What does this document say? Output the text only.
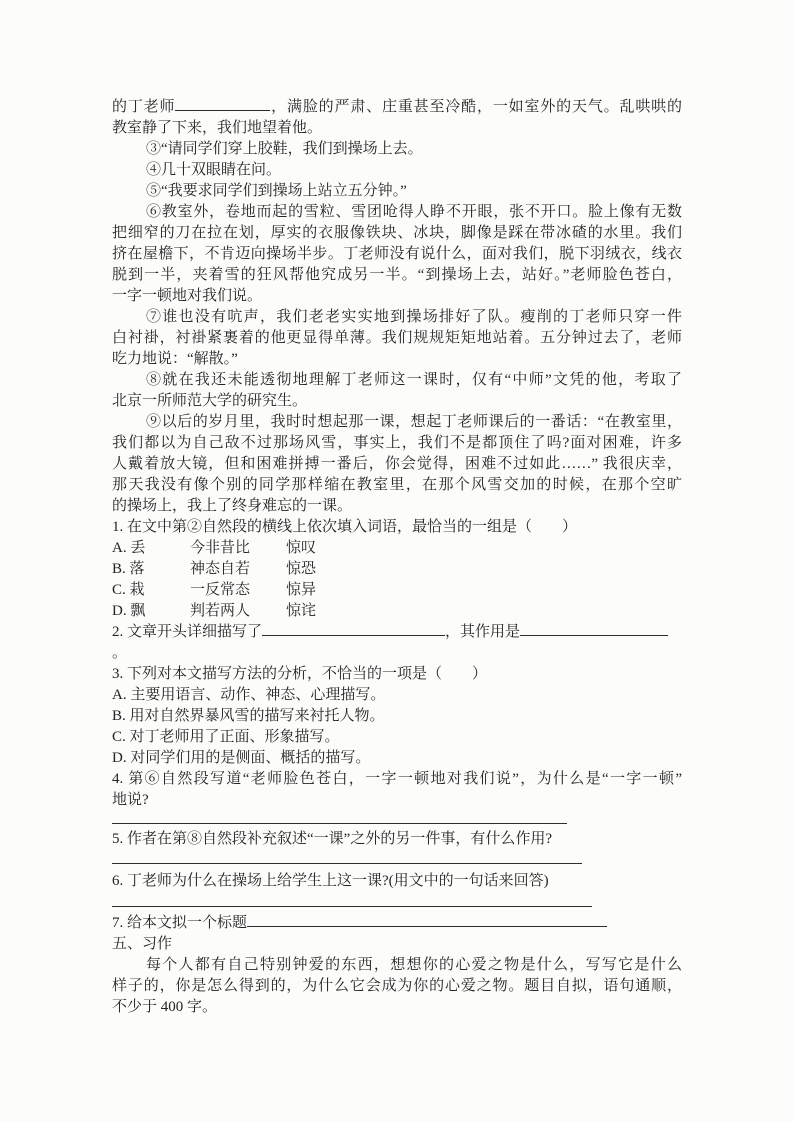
的丁老师	，满脸的严肃、庄重甚至冷酷，一如室外的天气。乱哄哄的
教室静了下来，我们地望着他。
③“请同学们穿上胶鞋，我们到操场上去。
④几十双眼睛在问。
⑤“我要求同学们到操场上站立五分钟。”
⑥教室外，卷地而起的雪粒、雪团呛得人睁不开眼，张不开口。脸上像有无数
把细窄的刀在拉在划，厚实的衣服像铁块、冰块，脚像是踩在带冰碴的水里。我们
挤在屋檐下，不肯迈向操场半步。丁老师没有说什么，面对我们，脱下羽绒衣，线衣
脱到一半，夹着雪的狂风帮他究成另一半。“到操场上去，站好。”老师脸色苍白，
一字一顿地对我们说。
⑦谁也没有吭声，我们老老实实地到操场排好了队。瘦削的丁老师只穿一件
白衬褂，衬褂紧裹着的他更显得单薄。我们规规矩矩地站着。五分钟过去了，老师
吃力地说：“解散。”
⑧就在我还未能透彻地理解丁老师这一课时，仅有“中师”文凭的他，考取了
北京一所师范大学的研究生。
⑨以后的岁月里，我时时想起那一课，想起丁老师课后的一番话：“在教室里，
我们都以为自己敌不过那场风雪，事实上，我们不是都顶住了吗?面对困难，许多
人戴着放大镜，但和困难拼搏一番后，你会觉得，困难不过如此……” 我很庆幸，
那天我没有像个别的同学那样缩在教室里，在那个风雪交加的时候，在那个空旷
的操场上，我上了终身难忘的一课。
1. 在文中第②自然段的横线上依次填入词语，最恰当的一组是（　　）
A. 丢	今非昔比 惊叹
B. 落	神态自若 惊恐
C. 栽	一反常态 惊异
D. 飘	判若两人 惊诧
2. 文章开头详细描写了	，其作用是。
3. 下列对本文描写方法的分析，不恰当的一项是（　　）
A. 主要用语言、动作、神态、心理描写。
B. 用对自然界暴风雪的描写来衬托人物。
C. 对丁老师用了正面、形象描写。
D. 对同学们用的是侧面、概括的描写。
4. 第⑥自然段写道“老师脸色苍白，一字一顿地对我们说”，为什么是“一字一顿”
地说?
5. 作者在第⑧自然段补充叙述“一课”之外的另一件事，有什么作用?
6. 丁老师为什么在操场上给学生上这一课?(用文中的一句话来回答)
7. 给本文拟一个标题
五、习作
每个人都有自己特别钟爱的东西，想想你的心爱之物是什么，写写它是什么
样子的，你是怎么得到的，为什么它会成为你的心爱之物。题目自拟，语句通顺，
不少于 400 字。
